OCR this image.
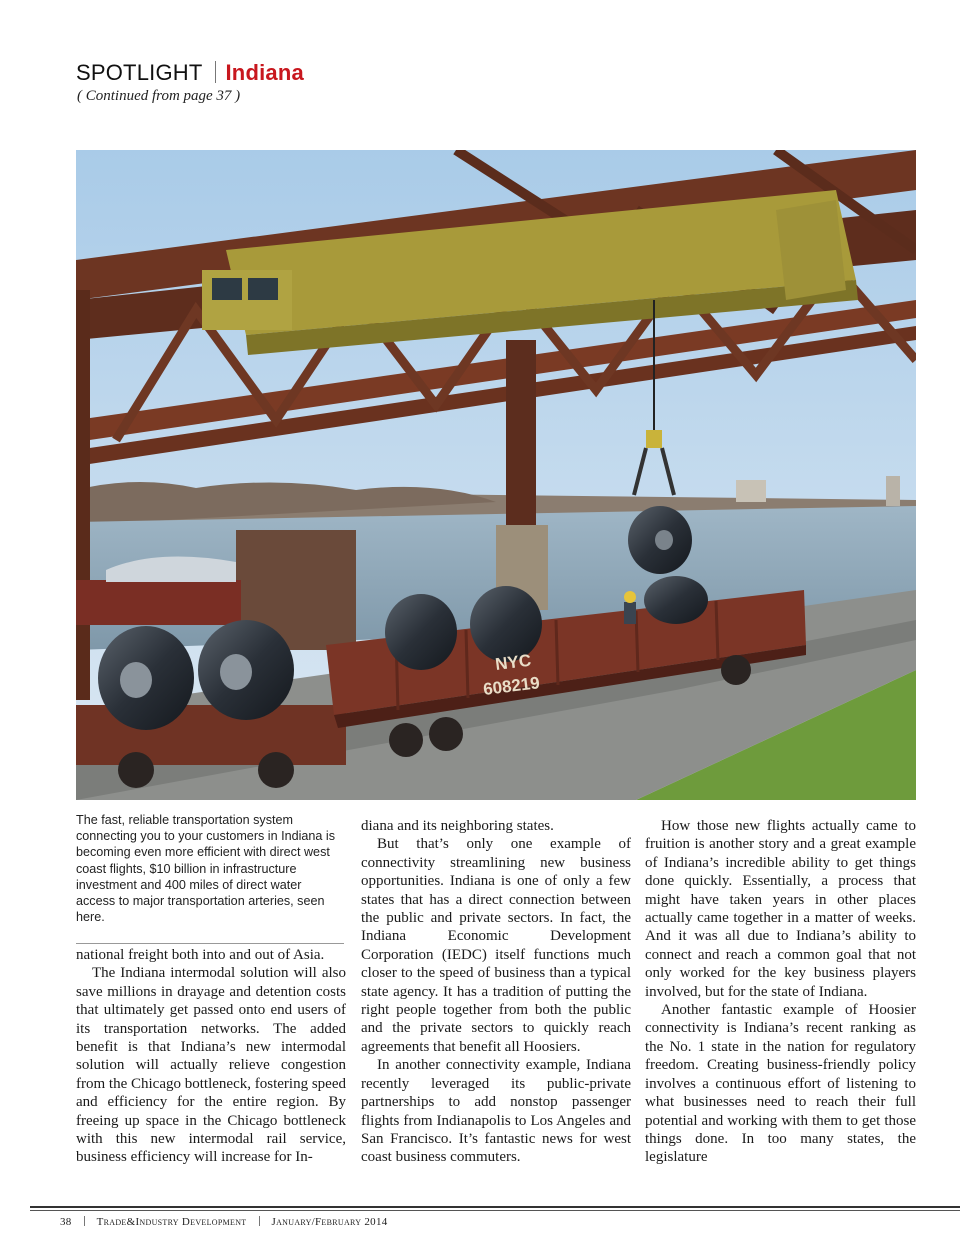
SPOTLIGHT Indiana
( Continued from page 37 )
NYC
608219
The fast, reliable transportation system connecting you to your customers in Indiana is becoming even more efficient with direct west coast flights, $10 billion in infrastructure investment and 400 miles of direct water access to major transportation arteries, seen here.

national freight both into and out of Asia.

The Indiana intermodal solution will also save millions in drayage and detention costs that ultimately get passed onto end users of its transportation networks. The added benefit is that Indiana’s new intermodal solution will actually relieve congestion from the Chicago bottleneck, fostering speed and efficiency for the entire region. By freeing up space in the Chicago bottleneck with this new intermodal rail service, business efficiency will increase for In-

diana and its neighboring states.

But that’s only one example of connectivity streamlining new business opportunities. Indiana is one of only a few states that has a direct connection between the public and private sectors. In fact, the Indiana Economic Development Corporation (IEDC) itself functions much closer to the speed of business than a typical state agency. It has a tradition of putting the right people together from both the public and the private sectors to quickly reach agreements that benefit all Hoosiers.

In another connectivity example, Indiana recently leveraged its public-private partnerships to add nonstop passenger flights from Indianapolis to Los Angeles and San Francisco. It’s fantastic news for west coast business commuters.

How those new flights actually came to fruition is another story and a great example of Indiana’s incredible ability to get things done quickly. Essentially, a process that might have taken years in other places actually came together in a matter of weeks. And it was all due to Indiana’s ability to connect and reach a common goal that not only worked for the key business players involved, but for the state of Indiana.

Another fantastic example of Hoosier connectivity is Indiana’s recent ranking as the No. 1 state in the nation for regulatory freedom. Creating business-friendly policy involves a continuous effort of listening to what businesses need to reach their full potential and working with them to get those things done. In too many states, the legislature

38 Trade&Industry Development January/February 2014
